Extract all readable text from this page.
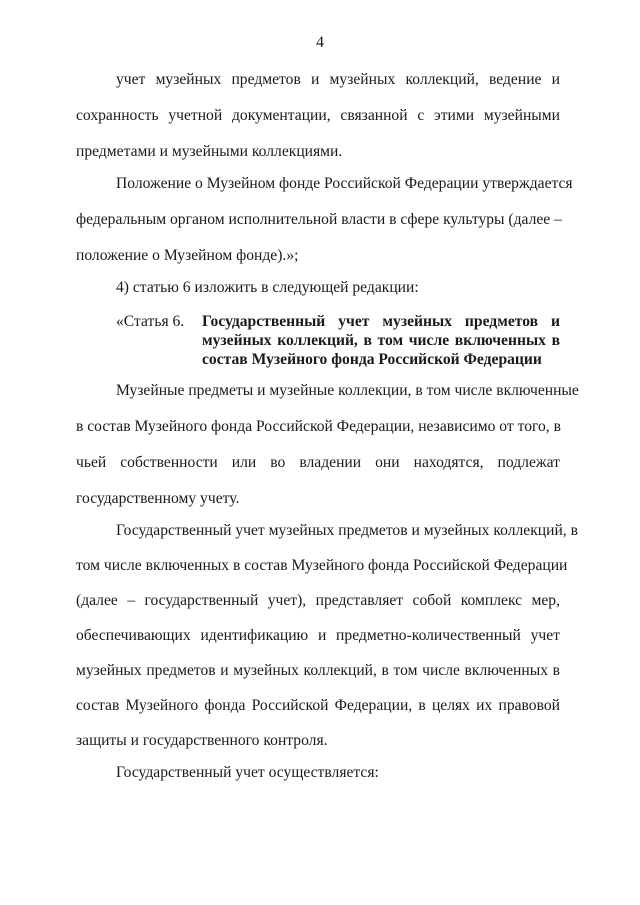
4
учет музейных предметов и музейных коллекций, ведение и
сохранность учетной документации, связанной с этими музейными
предметами и музейными коллекциями.
Положение о Музейном фонде Российской Федерации утверждается
федеральным органом исполнительной власти в сфере культуры (далее –
положение о Музейном фонде).»;
4) статью 6 изложить в следующей редакции:
«Статья 6. Государственный учет музейных предметов и
музейных коллекций, в том числе включенных в
состав Музейного фонда Российской Федерации
Музейные предметы и музейные коллекции, в том числе включенные
в состав Музейного фонда Российской Федерации, независимо от того, в
чьей собственности или во владении они находятся, подлежат
государственному учету.
Государственный учет музейных предметов и музейных коллекций, в
том числе включенных в состав Музейного фонда Российской Федерации
(далее – государственный учет), представляет собой комплекс мер,
обеспечивающих идентификацию и предметно-количественный учет
музейных предметов и музейных коллекций, в том числе включенных в
состав Музейного фонда Российской Федерации, в целях их правовой
защиты и государственного контроля.
Государственный учет осуществляется:
